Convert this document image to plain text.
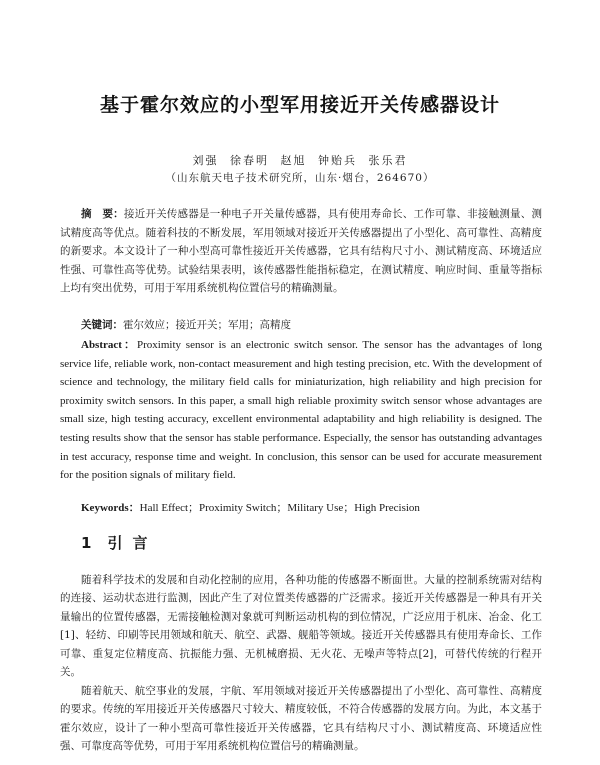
基于霍尔效应的小型军用接近开关传感器设计
刘强 徐春明 赵旭 钟贻兵 张乐君
（山东航天电子技术研究所，山东·烟台，264670）
摘　要：接近开关传感器是一种电子开关量传感器，具有使用寿命长、工作可靠、非接触测量、测试精度高等优点。随着科技的不断发展，军用领域对接近开关传感器提出了小型化、高可靠性、高精度的新要求。本文设计了一种小型高可靠性接近开关传感器，它具有结构尺寸小、测试精度高、环境适应性强、可靠性高等优势。试验结果表明，该传感器性能指标稳定，在测试精度、响应时间、重量等指标上均有突出优势，可用于军用系统机构位置信号的精确测量。
关键词：霍尔效应；接近开关；军用；高精度
Abstract：Proximity sensor is an electronic switch sensor. The sensor has the advantages of long service life, reliable work, non-contact measurement and high testing precision, etc. With the development of science and technology, the military field calls for miniaturization, high reliability and high precision for proximity switch sensors. In this paper, a small high reliable proximity switch sensor whose advantages are small size, high testing accuracy, excellent environmental adaptability and high reliability is designed. The testing results show that the sensor has stable performance. Especially, the sensor has outstanding advantages in test accuracy, response time and weight. In conclusion, this sensor can be used for accurate measurement for the position signals of military field.
Keywords：Hall Effect；Proximity Switch；Military Use；High Precision
1 引言
随着科学技术的发展和自动化控制的应用，各种功能的传感器不断面世。大量的控制系统需对结构的连接、运动状态进行监测，因此产生了对位置类传感器的广泛需求。接近开关传感器是一种具有开关量输出的位置传感器，无需接触检测对象就可判断运动机构的到位情况，广泛应用于机床、冶金、化工[1]、轻纺、印刷等民用领域和航天、航空、武器、舰船等领域。接近开关传感器具有使用寿命长、工作可靠、重复定位精度高、抗振能力强、无机械磨损、无火花、无噪声等特点[2]，可替代传统的行程开关。
随着航天、航空事业的发展，宇航、军用领域对接近开关传感器提出了小型化、高可靠性、高精度的要求。传统的军用接近开关传感器尺寸较大、精度较低，不符合传感器的发展方向。为此，本文基于霍尔效应，设计了一种小型高可靠性接近开关传感器，它具有结构尺寸小、测试精度高、环境适应性强、可靠度高等优势，可用于军用系统机构位置信号的精确测量。
